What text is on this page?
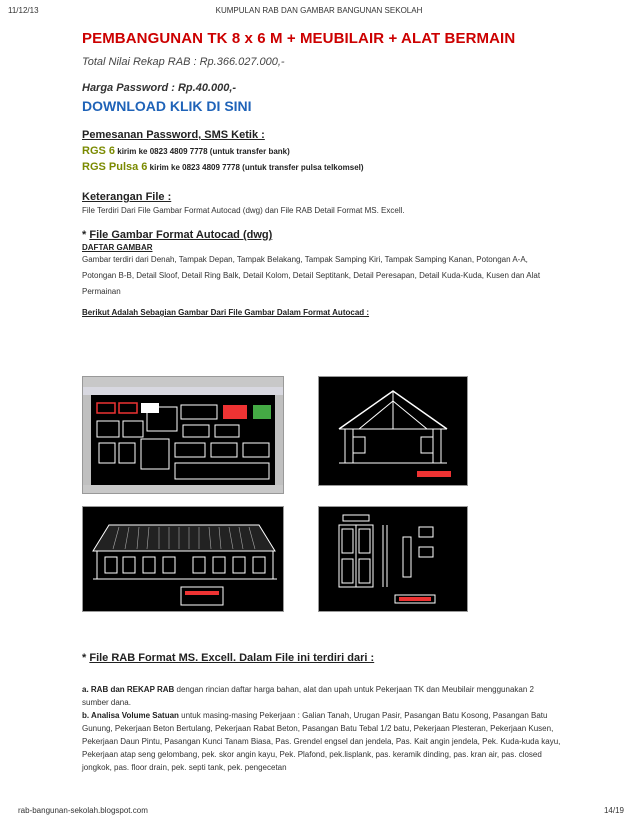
11/12/13	KUMPULAN RAB DAN GAMBAR BANGUNAN SEKOLAH
PEMBANGUNAN TK 8 x 6 M + MEUBILAIR + ALAT BERMAIN
Total Nilai Rekap RAB : Rp.366.027.000,-
Harga Password : Rp.40.000,-
DOWNLOAD KLIK DI SINI
Pemesanan Password, SMS Ketik :
RGS 6 kirim ke 0823 4809 7778 (untuk transfer bank)
RGS Pulsa 6 kirim ke 0823 4809 7778 (untuk transfer pulsa telkomsel)
Keterangan File :
File Terdiri Dari File Gambar Format Autocad (dwg) dan File RAB Detail Format MS. Excell.
* File Gambar Format Autocad (dwg)
DAFTAR GAMBAR
Gambar terdiri dari Denah, Tampak Depan, Tampak Belakang, Tampak Samping Kiri, Tampak Samping Kanan, Potongan A-A, Potongan B-B, Detail Sloof, Detail Ring Balk, Detail Kolom, Detail Septitank, Detail Peresapan, Detail Kuda-Kuda, Kusen dan Alat Permainan
Berikut Adalah Sebagian Gambar Dari File Gambar Dalam Format Autocad :
* File RAB Format MS. Excell. Dalam File ini terdiri dari :
a. RAB dan REKAP RAB dengan rincian daftar harga bahan, alat dan upah untuk Pekerjaan TK dan Meubilair menggunakan 2 sumber dana.
b. Analisa Volume Satuan untuk masing-masing Pekerjaan : Galian Tanah, Urugan Pasir, Pasangan Batu Kosong, Pasangan Batu Gunung, Pekerjaan Beton Bertulang, Pekerjaan Rabat Beton, Pasangan Batu Tebal 1/2 batu, Pekerjaan Plesteran, Pekerjaan Kusen, Pekerjaan Daun Pintu, Pasangan Kunci Tanam Biasa, Pas. Grendel engsel dan jendela, Pas. Kait angin jendela, Pek. Kuda-kuda kayu, Pekerjaan atap seng gelombang, pek. skor angin kayu, Pek. Plafond, pek.lisplank, pas. keramik dinding, pas. kran air, pas. closed jongkok, pas. floor drain, pek. septi tank, pek. pengecetan
rab-bangunan-sekolah.blogspot.com	14/19
